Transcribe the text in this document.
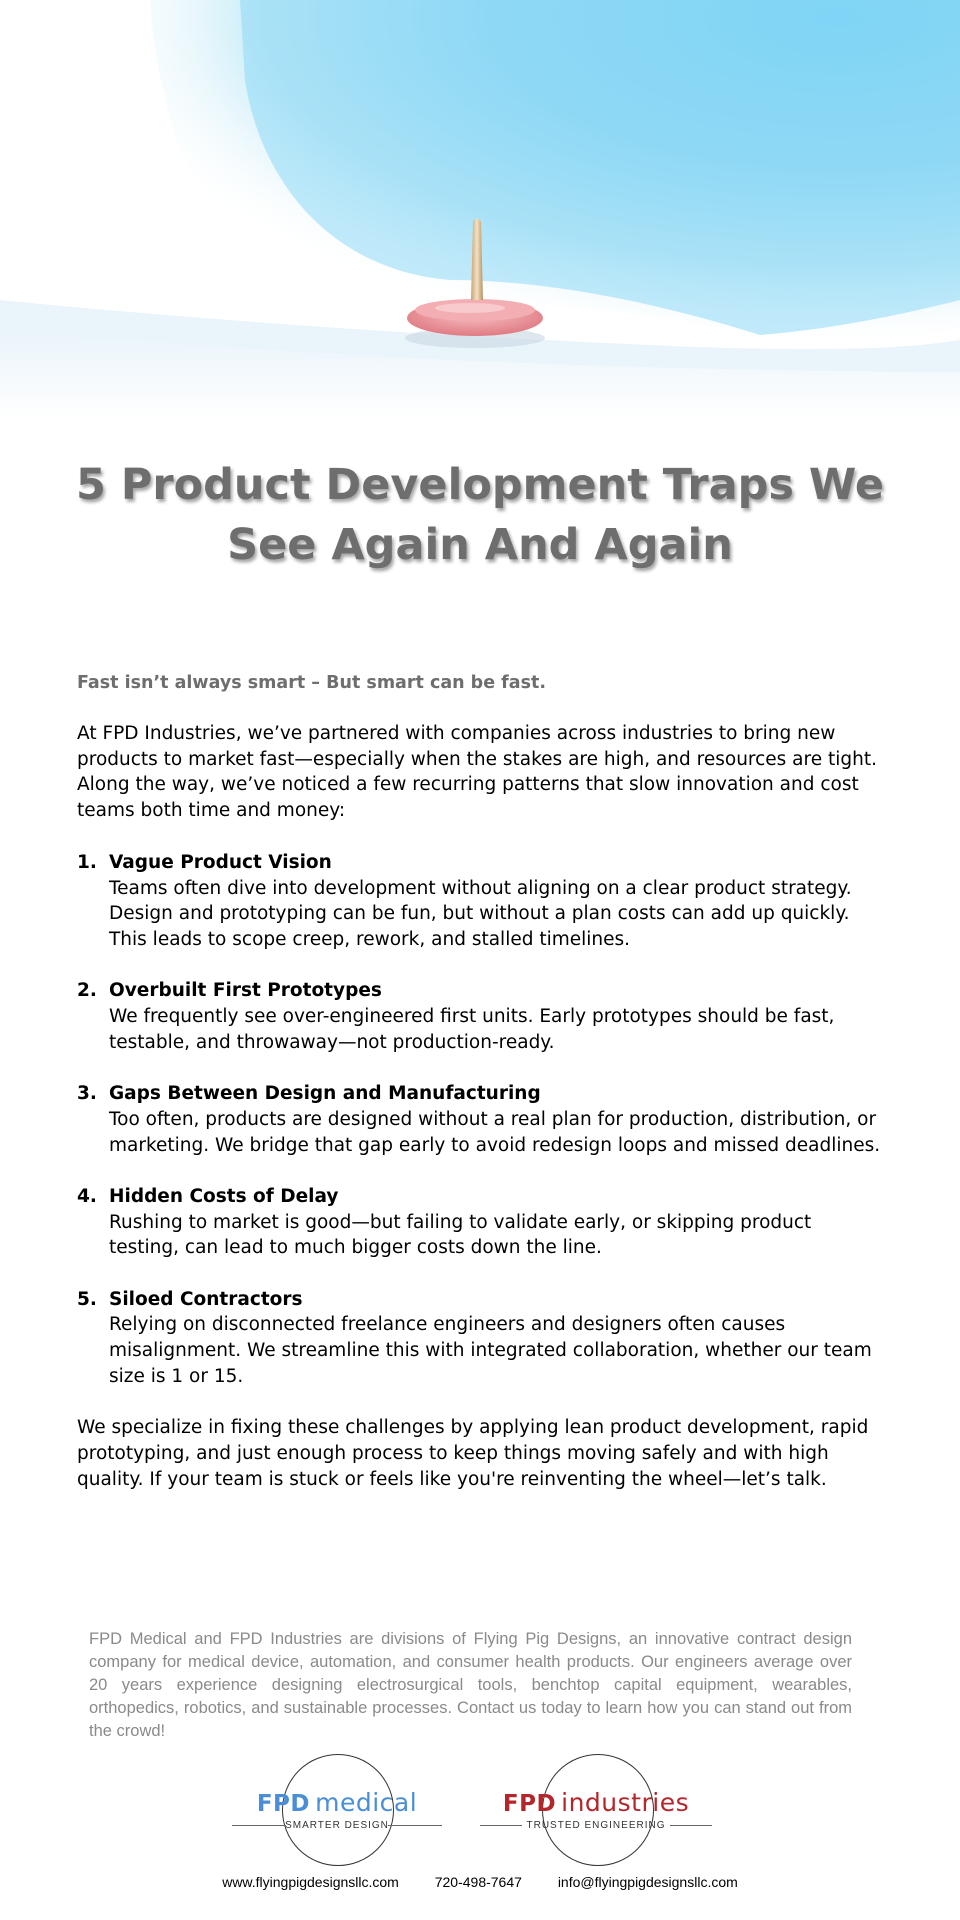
5 Product Development Traps We See Again And Again

Fast isn’t always smart – But smart can be fast.

At FPD Industries, we’ve partnered with companies across industries to bring new products to market fast—especially when the stakes are high, and resources are tight. Along the way, we’ve noticed a few recurring patterns that slow innovation and cost teams both time and money:

1. Vague Product Vision
Teams often dive into development without aligning on a clear product strategy. Design and prototyping can be fun, but without a plan costs can add up quickly. This leads to scope creep, rework, and stalled timelines.
2. Overbuilt First Prototypes
We frequently see over-engineered first units. Early prototypes should be fast, testable, and throwaway—not production-ready.
3. Gaps Between Design and Manufacturing
Too often, products are designed without a real plan for production, distribution, or marketing. We bridge that gap early to avoid redesign loops and missed deadlines.
4. Hidden Costs of Delay
Rushing to market is good—but failing to validate early, or skipping product testing, can lead to much bigger costs down the line.
5. Siloed Contractors
Relying on disconnected freelance engineers and designers often causes misalignment. We streamline this with integrated collaboration, whether our team size is 1 or 15.

We specialize in fixing these challenges by applying lean product development, rapid prototyping, and just enough process to keep things moving safely and with high quality. If your team is stuck or feels like you're reinventing the wheel—let’s talk.

FPD Medical and FPD Industries are divisions of Flying Pig Designs, an innovative contract design company for medical device, automation, and consumer health products. Our engineers average over 20 years experience designing electrosurgical tools, benchtop capital equipment, wearables, orthopedics, robotics, and sustainable processes. Contact us today to learn how you can stand out from the crowd!

FPD medical
SMARTER DESIGN
FPD industries
TRUSTED ENGINEERING
www.flyingpigdesignsllc.com	720-498-7647	info@flyingpigdesignsllc.com
